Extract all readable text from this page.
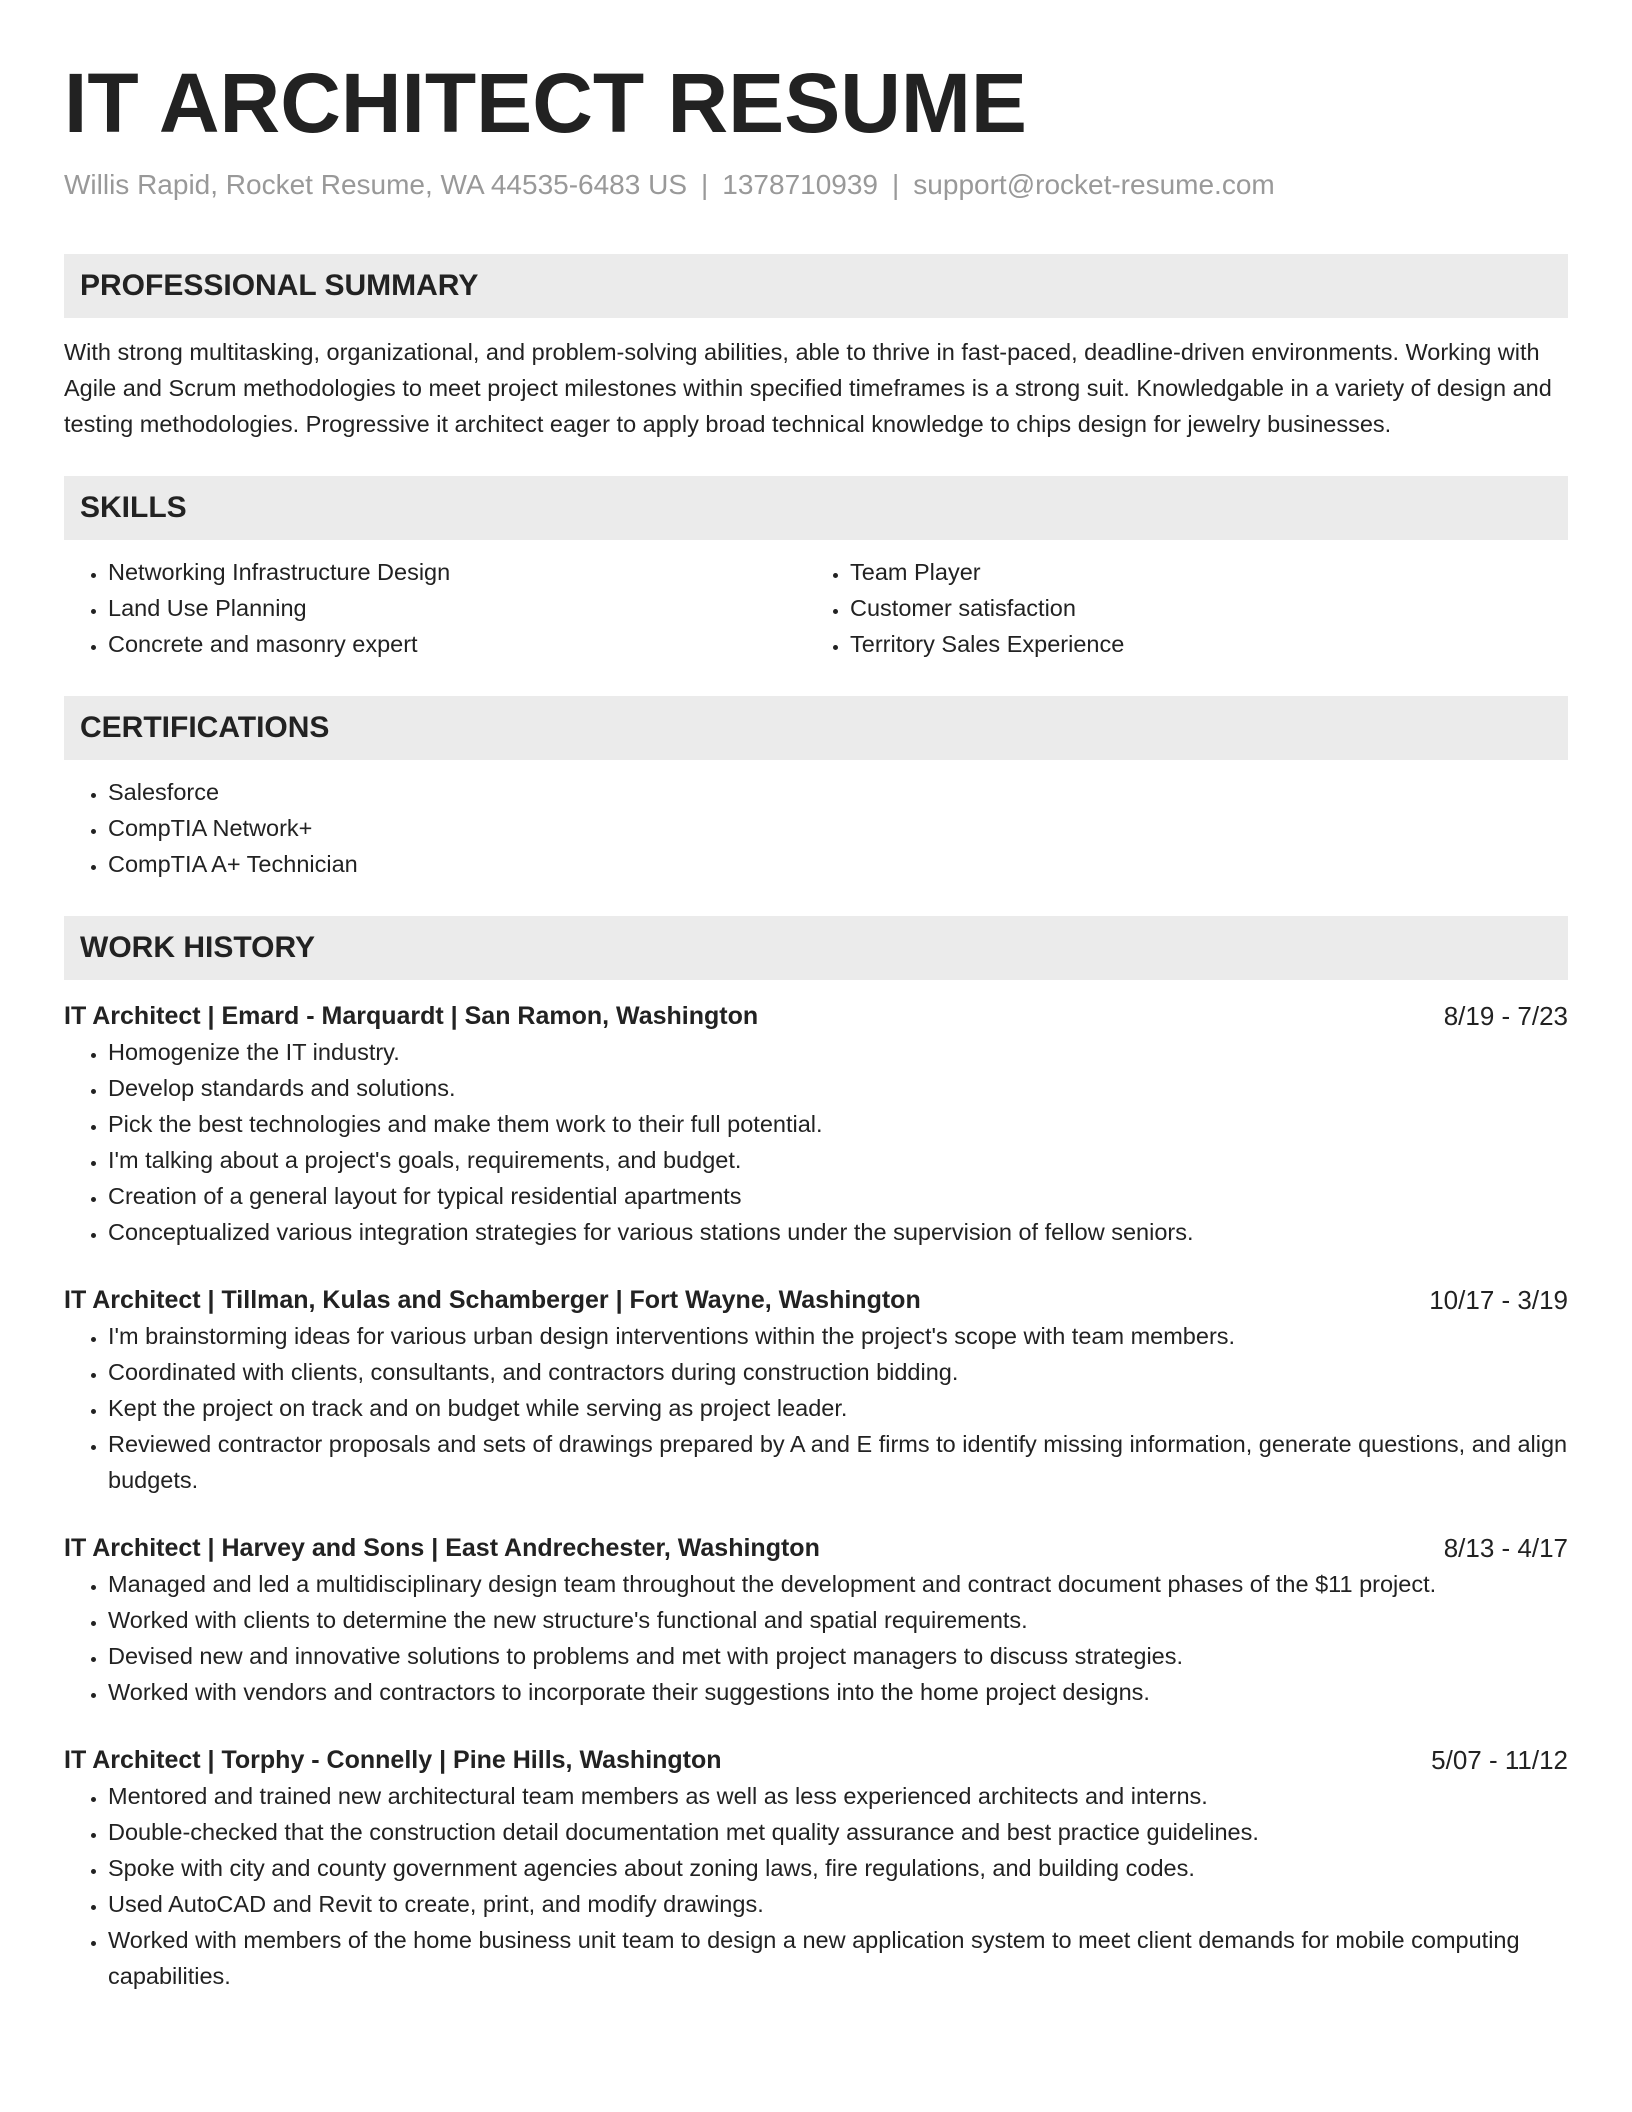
IT ARCHITECT RESUME
Willis Rapid, Rocket Resume, WA 44535-6483 US | 1378710939 | support@rocket-resume.com
PROFESSIONAL SUMMARY

With strong multitasking, organizational, and problem-solving abilities, able to thrive in fast-paced, deadline-driven environments. Working with Agile and Scrum methodologies to meet project milestones within specified timeframes is a strong suit. Knowledgable in a variety of design and testing methodologies. Progressive it architect eager to apply broad technical knowledge to chips design for jewelry businesses.

SKILLS
• Networking Infrastructure Design
• Land Use Planning
• Concrete and masonry expert
• Team Player
• Customer satisfaction
• Territory Sales Experience
CERTIFICATIONS
• Salesforce
• CompTIA Network+
• CompTIA A+ Technician
WORK HISTORY
IT Architect | Emard - Marquardt | San Ramon, Washington	8/19 - 7/23
• Homogenize the IT industry.
• Develop standards and solutions.
• Pick the best technologies and make them work to their full potential.
• I'm talking about a project's goals, requirements, and budget.
• Creation of a general layout for typical residential apartments
• Conceptualized various integration strategies for various stations under the supervision of fellow seniors.
IT Architect | Tillman, Kulas and Schamberger | Fort Wayne, Washington	10/17 - 3/19
• I'm brainstorming ideas for various urban design interventions within the project's scope with team members.
• Coordinated with clients, consultants, and contractors during construction bidding.
• Kept the project on track and on budget while serving as project leader.
• Reviewed contractor proposals and sets of drawings prepared by A and E firms to identify missing information, generate questions, and align budgets.
IT Architect | Harvey and Sons | East Andrechester, Washington	8/13 - 4/17
• Managed and led a multidisciplinary design team throughout the development and contract document phases of the $11 project.
• Worked with clients to determine the new structure's functional and spatial requirements.
• Devised new and innovative solutions to problems and met with project managers to discuss strategies.
• Worked with vendors and contractors to incorporate their suggestions into the home project designs.
IT Architect | Torphy - Connelly | Pine Hills, Washington	5/07 - 11/12
• Mentored and trained new architectural team members as well as less experienced architects and interns.
• Double-checked that the construction detail documentation met quality assurance and best practice guidelines.
• Spoke with city and county government agencies about zoning laws, fire regulations, and building codes.
• Used AutoCAD and Revit to create, print, and modify drawings.
• Worked with members of the home business unit team to design a new application system to meet client demands for mobile computing capabilities.
